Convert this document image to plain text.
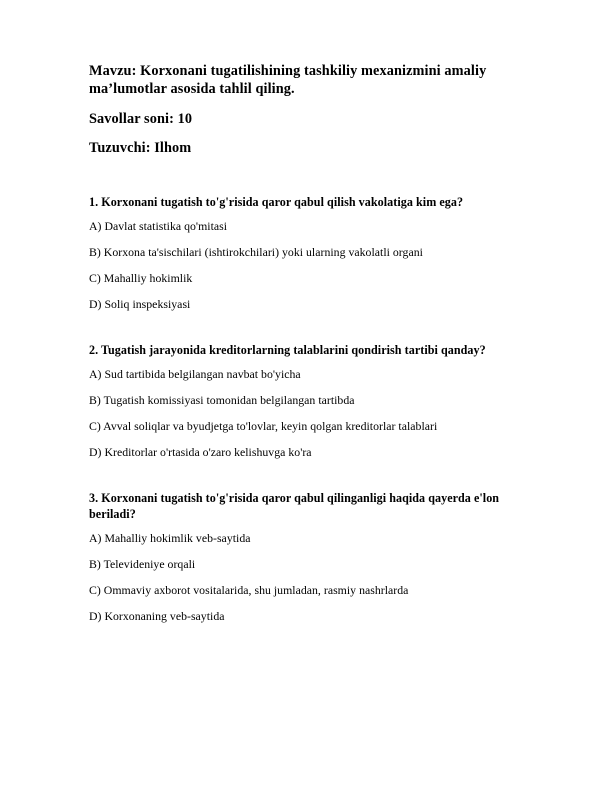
Mavzu: Korxonani tugatilishining tashkiliy mexanizmini amaliy ma’lumotlar asosida tahlil qiling.

Savollar soni: 10

Tuzuvchi: Ilhom

1. Korxonani tugatish to'g'risida qaror qabul qilish vakolatiga kim ega?

A) Davlat statistika qo'mitasi

B) Korxona ta'sischilari (ishtirokchilari) yoki ularning vakolatli organi

C) Mahalliy hokimlik

D) Soliq inspeksiyasi

2. Tugatish jarayonida kreditorlarning talablarini qondirish tartibi qanday?

A) Sud tartibida belgilangan navbat bo'yicha

B) Tugatish komissiyasi tomonidan belgilangan tartibda

C) Avval soliqlar va byudjetga to'lovlar, keyin qolgan kreditorlar talablari

D) Kreditorlar o'rtasida o'zaro kelishuvga ko'ra

3. Korxonani tugatish to'g'risida qaror qabul qilinganligi haqida qayerda e'lon beriladi?

A) Mahalliy hokimlik veb-saytida

B) Televideniye orqali

C) Ommaviy axborot vositalarida, shu jumladan, rasmiy nashrlarda

D) Korxonaning veb-saytida
